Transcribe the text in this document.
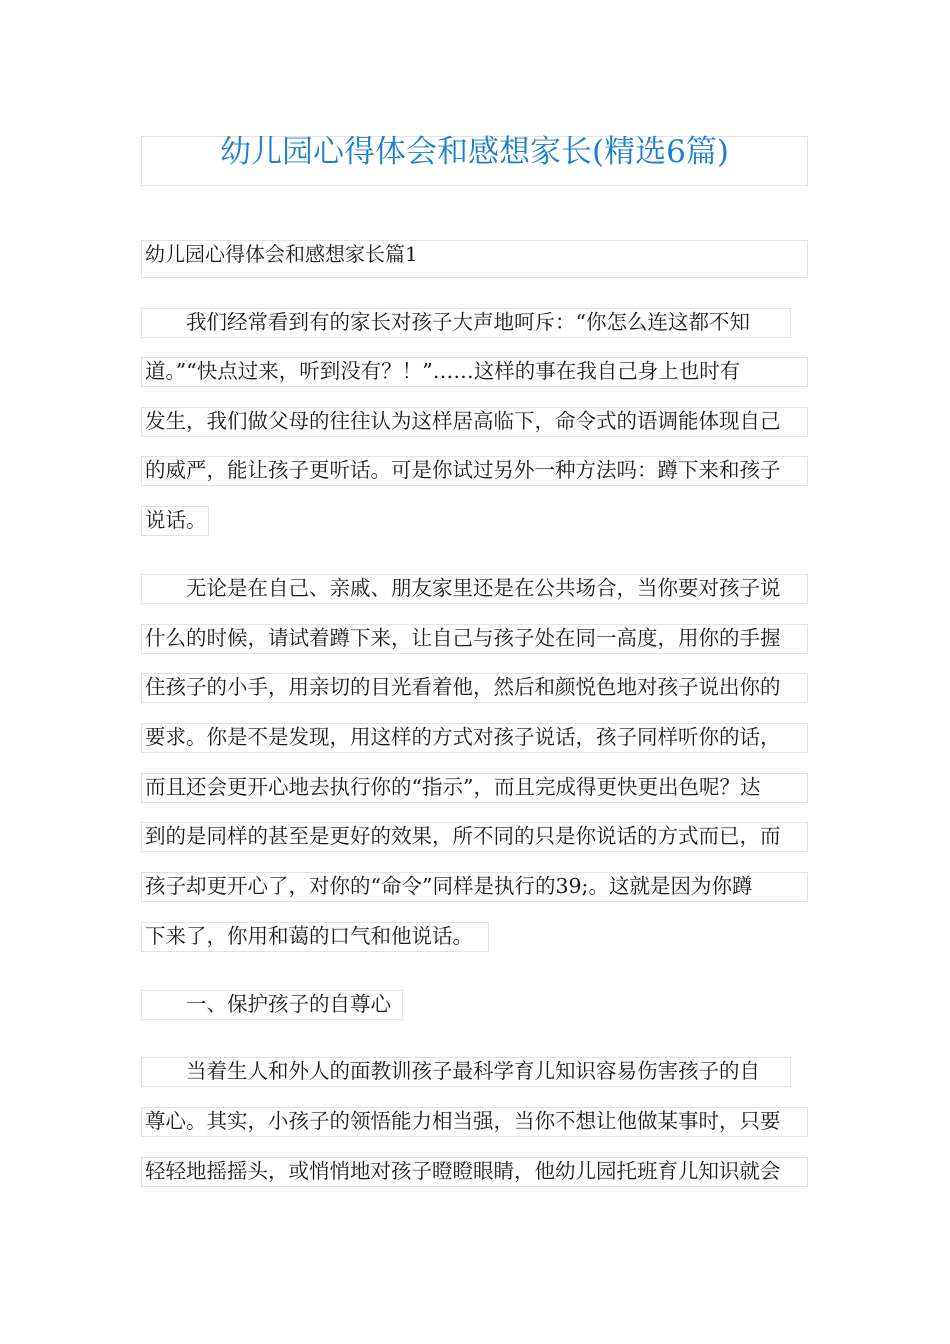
幼儿园心得体会和感想家长(精选6篇)
幼儿园心得体会和感想家长篇1
我们经常看到有的家长对孩子大声地呵斥：“你怎么连这都不知
道。”“快点过来，听到没有？！”……这样的事在我自己身上也时有
发生，我们做父母的往往认为这样居高临下，命令式的语调能体现自己
的威严，能让孩子更听话。可是你试过另外一种方法吗：蹲下来和孩子
说话。
无论是在自己、亲戚、朋友家里还是在公共场合，当你要对孩子说
什么的时候，请试着蹲下来，让自己与孩子处在同一高度，用你的手握
住孩子的小手，用亲切的目光看着他，然后和颜悦色地对孩子说出你的
要求。你是不是发现，用这样的方式对孩子说话，孩子同样听你的话，
而且还会更开心地去执行你的“指示”，而且完成得更快更出色呢？达
到的是同样的甚至是更好的效果，所不同的只是你说话的方式而已，而
孩子却更开心了，对你的“命令”同样是执行的39;。这就是因为你蹲
下来了，你用和蔼的口气和他说话。
一、保护孩子的自尊心
当着生人和外人的面教训孩子最科学育儿知识容易伤害孩子的自
尊心。其实，小孩子的领悟能力相当强，当你不想让他做某事时，只要
轻轻地摇摇头，或悄悄地对孩子瞪瞪眼睛，他幼儿园托班育儿知识就会
